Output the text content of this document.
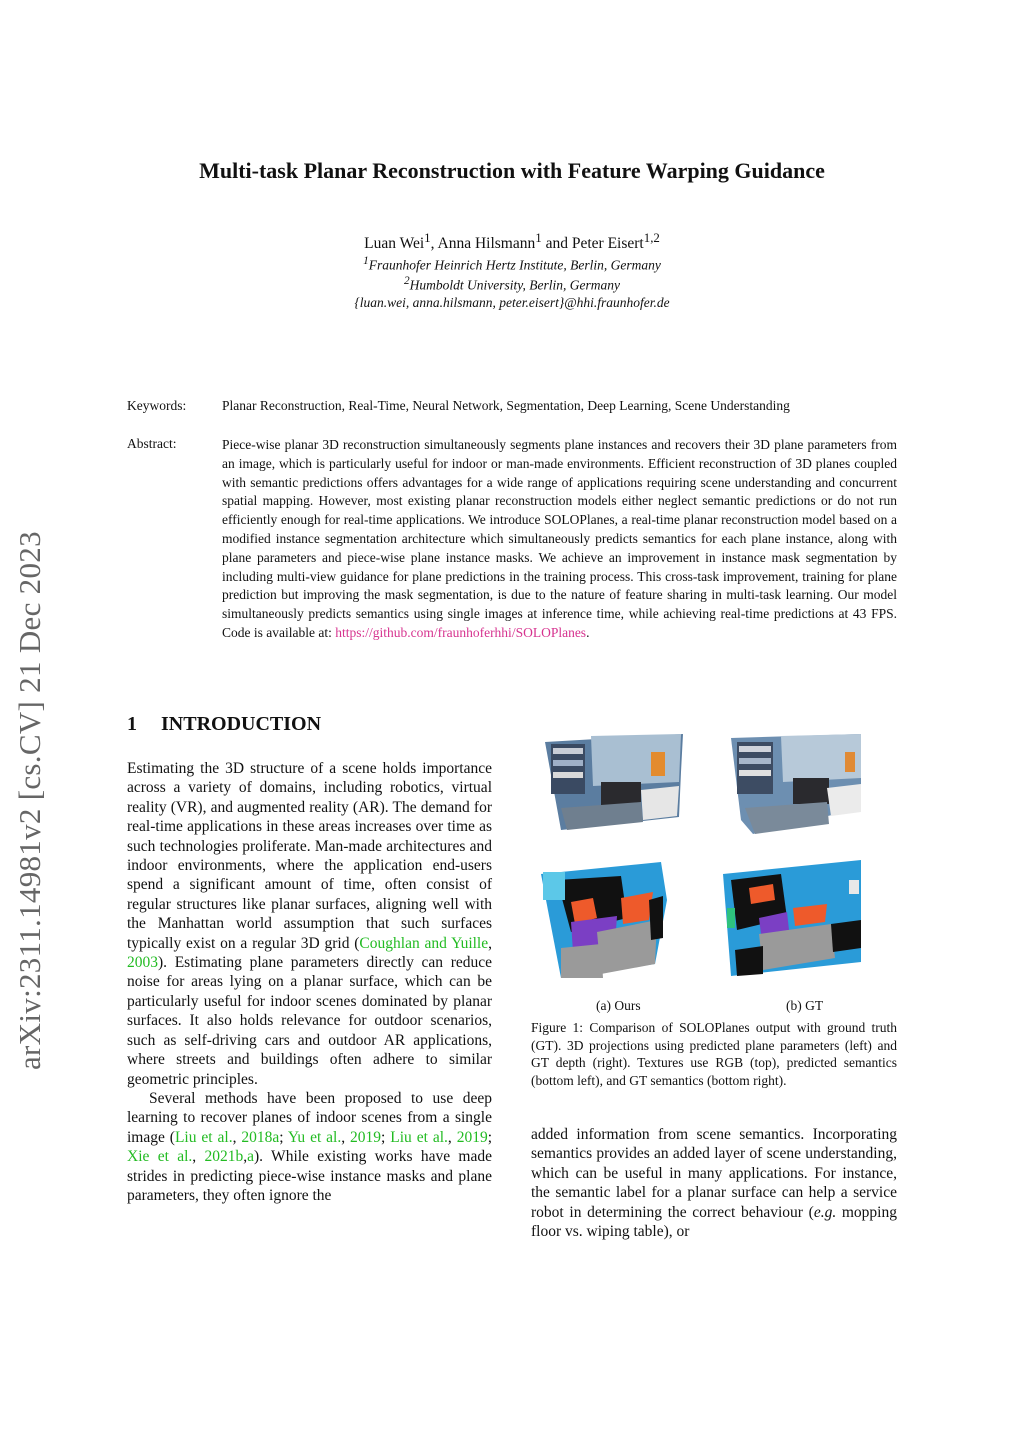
arXiv:2311.14981v2 [cs.CV] 21 Dec 2023
Multi-task Planar Reconstruction with Feature Warping Guidance
Luan Wei$^1$, Anna Hilsmann$^1$ and Peter Eisert$^{1,2}$
$^1$Fraunhofer Heinrich Hertz Institute, Berlin, Germany
$^2$Humboldt University, Berlin, Germany
{luan.wei, anna.hilsmann, peter.eisert}@hhi.fraunhofer.de
Keywords:	Planar Reconstruction, Real-Time, Neural Network, Segmentation, Deep Learning, Scene Understanding
Abstract:	Piece-wise planar 3D reconstruction simultaneously segments plane instances and recovers their 3D plane parameters from an image, which is particularly useful for indoor or man-made environments. Efficient reconstruction of 3D planes coupled with semantic predictions offers advantages for a wide range of applications requiring scene understanding and concurrent spatial mapping. However, most existing planar reconstruction models either neglect semantic predictions or do not run efficiently enough for real-time applications. We introduce SOLOPlanes, a real-time planar reconstruction model based on a modified instance segmentation architecture which simultaneously predicts semantics for each plane instance, along with plane parameters and piece-wise plane instance masks. We achieve an improvement in instance mask segmentation by including multi-view guidance for plane predictions in the training process. This cross-task improvement, training for plane prediction but improving the mask segmentation, is due to the nature of feature sharing in multi-task learning. Our model simultaneously predicts semantics using single images at inference time, while achieving real-time predictions at 43 FPS. Code is available at: https://github.com/fraunhoferhhi/SOLOPlanes.
1 INTRODUCTION

Estimating the 3D structure of a scene holds importance across a variety of domains, including robotics, virtual reality (VR), and augmented reality (AR). The demand for real-time applications in these areas increases over time as such technologies proliferate. Man-made architectures and indoor environments, where the application end-users spend a significant amount of time, often consist of regular structures like planar surfaces, aligning well with the Manhattan world assumption that such surfaces typically exist on a regular 3D grid (Coughlan and Yuille, 2003). Estimating plane parameters directly can reduce noise for areas lying on a planar surface, which can be particularly useful for indoor scenes dominated by planar surfaces. It also holds relevance for outdoor scenarios, such as self-driving cars and outdoor AR applications, where streets and buildings often adhere to similar geometric principles.

Several methods have been proposed to use deep learning to recover planes of indoor scenes from a single image (Liu et al., 2018a; Yu et al., 2019; Liu et al., 2019; Xie et al., 2021b,a). While existing works have made strides in predicting piece-wise instance masks and plane parameters, they often ignore the

(a) Ours	(b) GT
Figure 1: Comparison of SOLOPlanes output with ground truth (GT). 3D projections using predicted plane parameters (left) and GT depth (right). Textures use RGB (top), predicted semantics (bottom left), and GT semantics (bottom right).

added information from scene semantics. Incorporating semantics provides an added layer of scene understanding, which can be useful in many applications. For instance, the semantic label for a planar surface can help a service robot in determining the correct behaviour (e.g. mopping floor vs. wiping table), or
